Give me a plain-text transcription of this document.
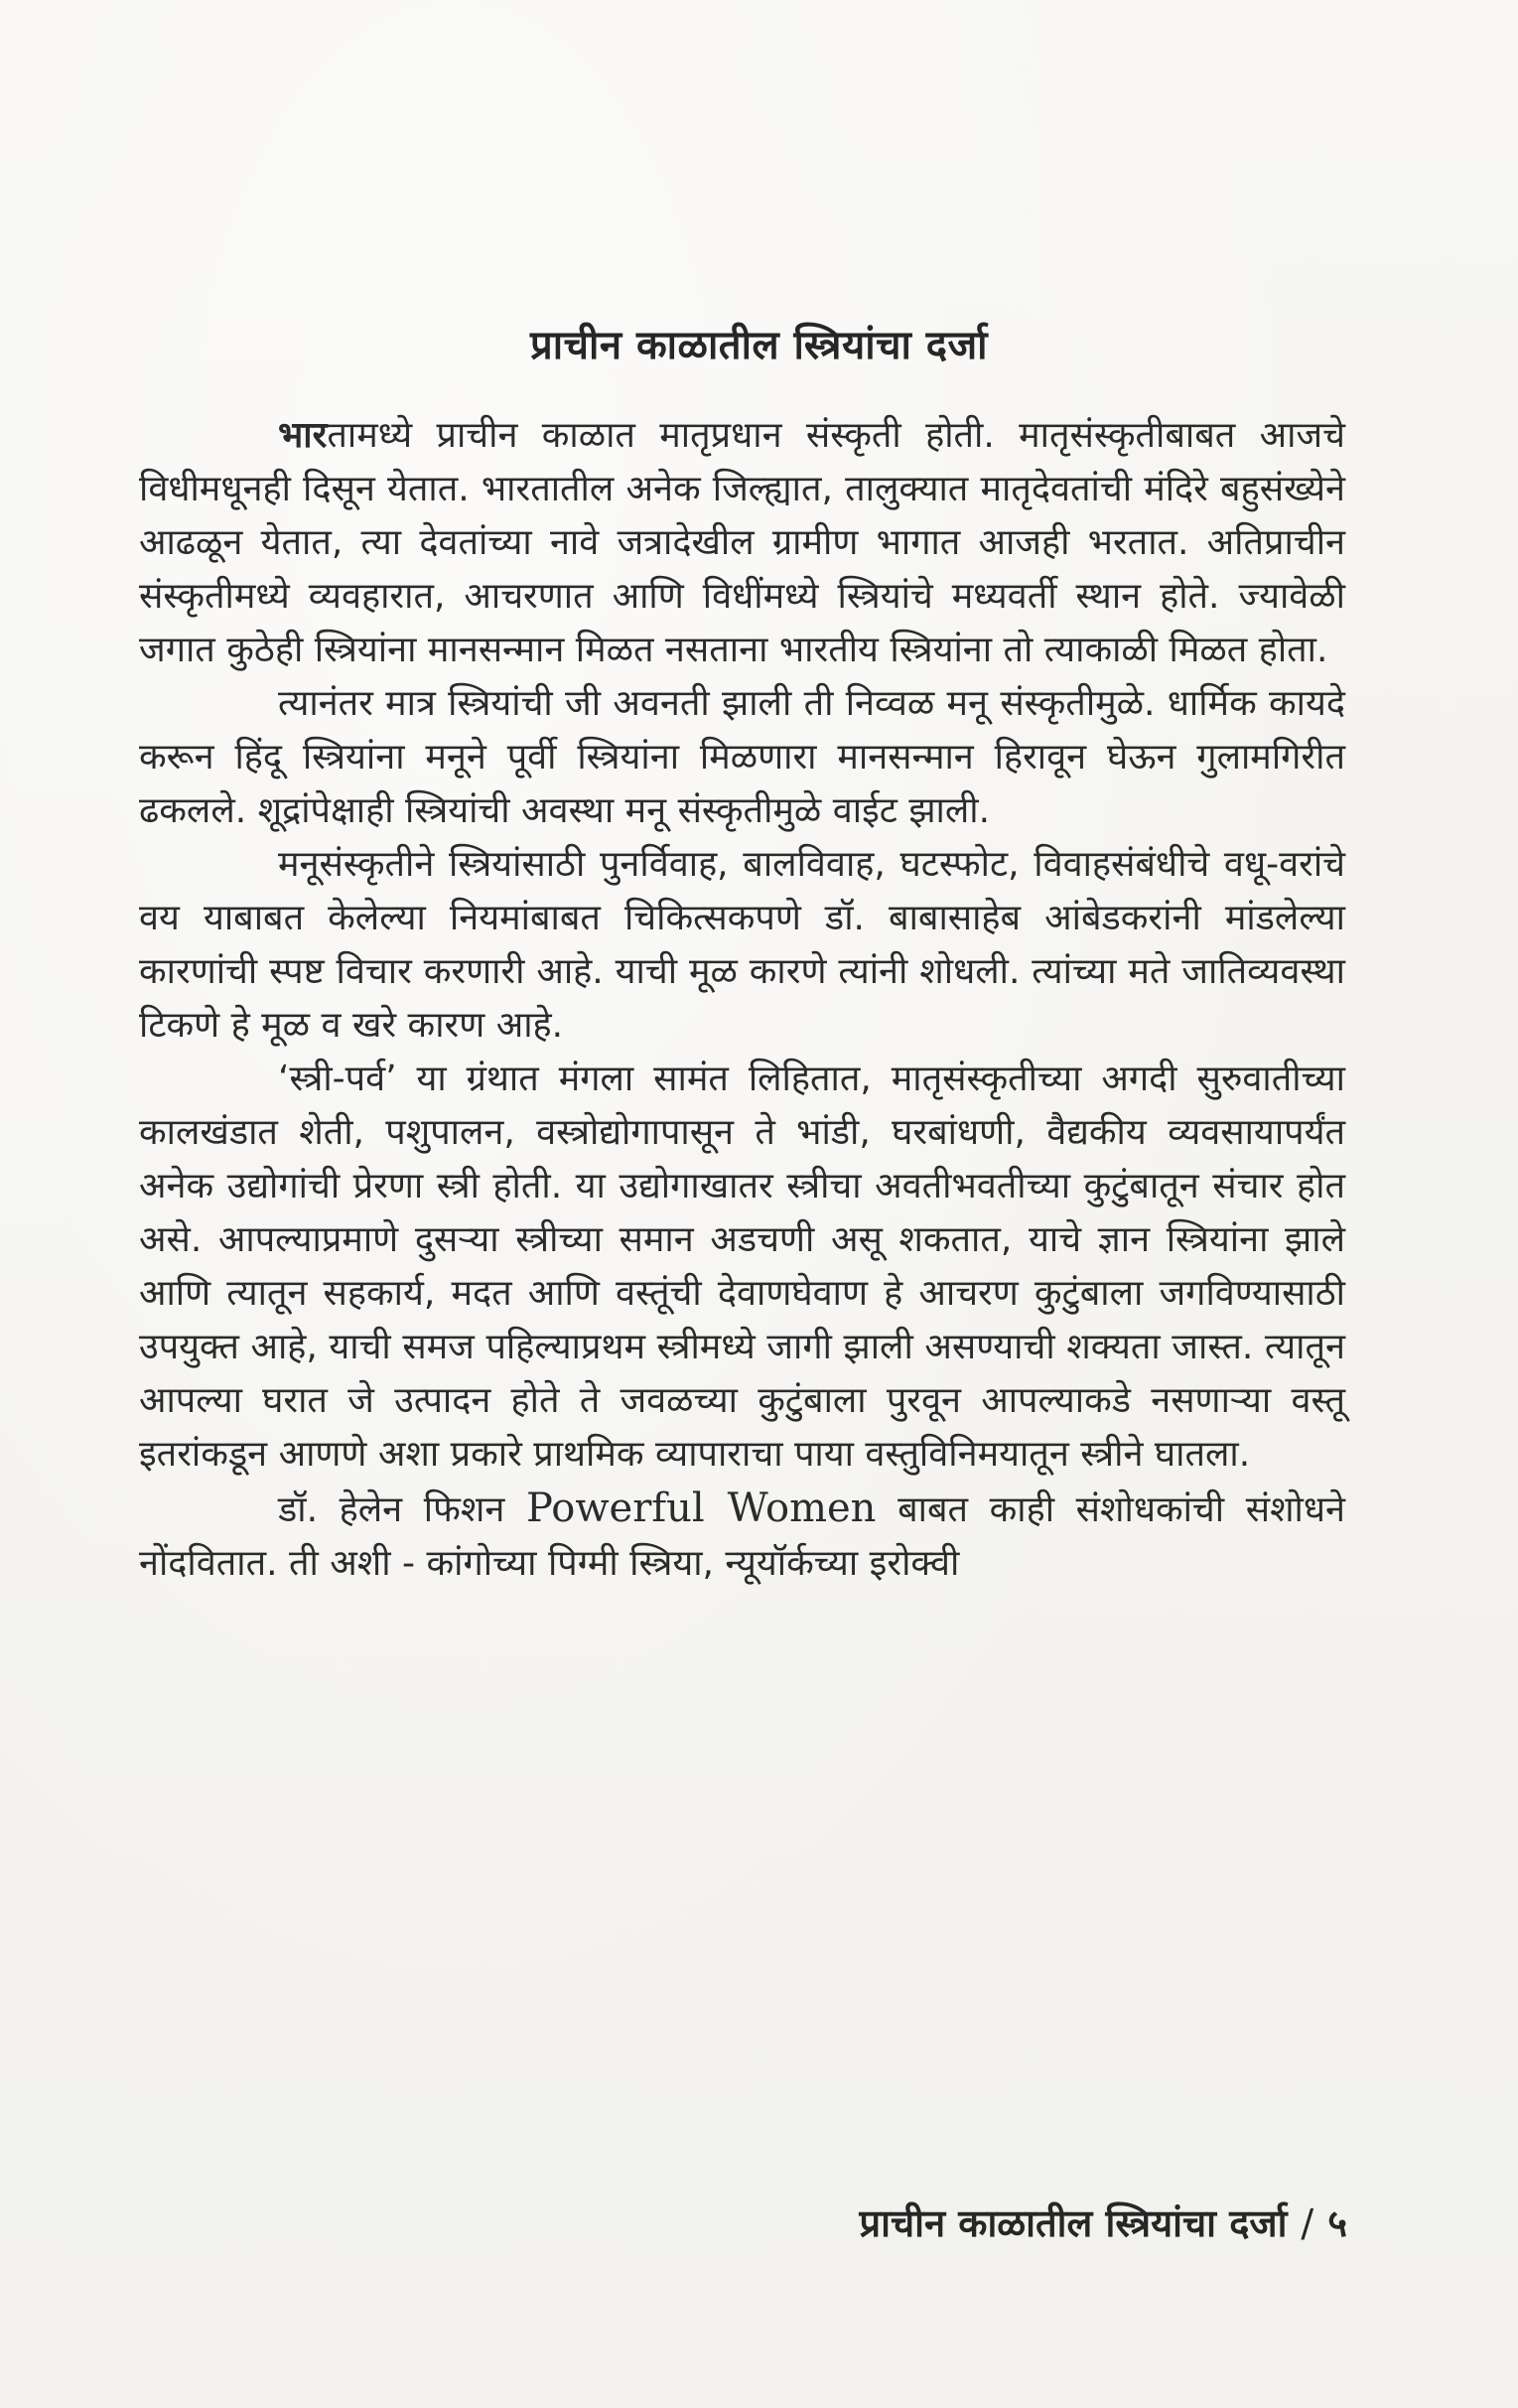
प्राचीन काळातील स्त्रियांचा दर्जा

भारतामध्ये प्राचीन काळात मातृप्रधान संस्कृती होती. मातृसंस्कृतीबाबत आजचे विधीमधूनही दिसून येतात. भारतातील अनेक जिल्ह्यात, तालुक्यात मातृदेवतांची मंदिरे बहुसंख्येने आढळून येतात, त्या देवतांच्या नावे जत्रादेखील ग्रामीण भागात आजही भरतात. अतिप्राचीन संस्कृतीमध्ये व्यवहारात, आचरणात आणि विधींमध्ये स्त्रियांचे मध्यवर्ती स्थान होते. ज्यावेळी जगात कुठेही स्त्रियांना मानसन्मान मिळत नसताना भारतीय स्त्रियांना तो त्याकाळी मिळत होता.

त्यानंतर मात्र स्त्रियांची जी अवनती झाली ती निव्वळ मनू संस्कृतीमुळे. धार्मिक कायदे करून हिंदू स्त्रियांना मनूने पूर्वी स्त्रियांना मिळणारा मानसन्मान हिरावून घेऊन गुलामगिरीत ढकलले. शूद्रांपेक्षाही स्त्रियांची अवस्था मनू संस्कृतीमुळे वाईट झाली.

मनूसंस्कृतीने स्त्रियांसाठी पुनर्विवाह, बालविवाह, घटस्फोट, विवाहसंबंधीचे वधू-वरांचे वय याबाबत केलेल्या नियमांबाबत चिकित्सकपणे डॉ. बाबासाहेब आंबेडकरांनी मांडलेल्या कारणांची स्पष्ट विचार करणारी आहे. याची मूळ कारणे त्यांनी शोधली. त्यांच्या मते जातिव्यवस्था टिकणे हे मूळ व खरे कारण आहे.

‘स्त्री-पर्व’ या ग्रंथात मंगला सामंत लिहितात, मातृसंस्कृतीच्या अगदी सुरुवातीच्या कालखंडात शेती, पशुपालन, वस्त्रोद्योगापासून ते भांडी, घरबांधणी, वैद्यकीय व्यवसायापर्यंत अनेक उद्योगांची प्रेरणा स्त्री होती. या उद्योगाखातर स्त्रीचा अवतीभवतीच्या कुटुंबातून संचार होत असे. आपल्याप्रमाणे दुसऱ्या स्त्रीच्या समान अडचणी असू शकतात, याचे ज्ञान स्त्रियांना झाले आणि त्यातून सहकार्य, मदत आणि वस्तूंची देवाणघेवाण हे आचरण कुटुंबाला जगविण्यासाठी उपयुक्त आहे, याची समज पहिल्याप्रथम स्त्रीमध्ये जागी झाली असण्याची शक्यता जास्त. त्यातून आपल्या घरात जे उत्पादन होते ते जवळच्या कुटुंबाला पुरवून आपल्याकडे नसणाऱ्या वस्तू इतरांकडून आणणे अशा प्रकारे प्राथमिक व्यापाराचा पाया वस्तुविनिमयातून स्त्रीने घातला.

डॉ. हेलेन फिशन Powerful Women बाबत काही संशोधकांची संशोधने नोंदवितात. ती अशी - कांगोच्या पिग्मी स्त्रिया, न्यूयॉर्कच्या इरोक्वी

प्राचीन काळातील स्त्रियांचा दर्जा / ५
